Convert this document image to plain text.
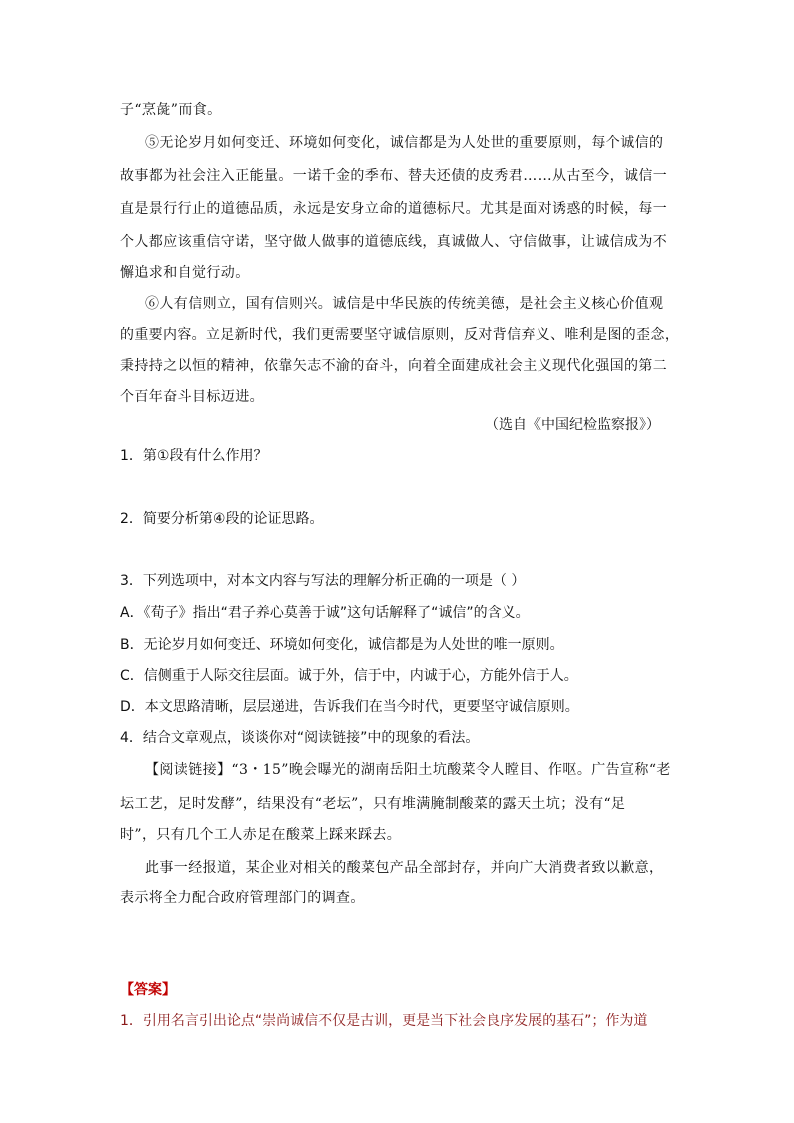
子“烹彘”而食。
⑤无论岁月如何变迁、环境如何变化，诚信都是为人处世的重要原则，每个诚信的
故事都为社会注入正能量。一诺千金的季布、替夫还债的皮秀君……从古至今，诚信一
直是景行行止的道德品质，永远是安身立命的道德标尺。尤其是面对诱惑的时候，每一
个人都应该重信守诺，坚守做人做事的道德底线，真诚做人、守信做事，让诚信成为不
懈追求和自觉行动。
⑥人有信则立，国有信则兴。诚信是中华民族的传统美德，是社会主义核心价值观
的重要内容。立足新时代，我们更需要坚守诚信原则，反对背信弃义、唯利是图的歪念，
秉持持之以恒的精神，依靠矢志不渝的奋斗，向着全面建成社会主义现代化强国的第二
个百年奋斗目标迈进。
（选自《中国纪检监察报》）
1．第①段有什么作用？
2．简要分析第④段的论证思路。
3．下列选项中，对本文内容与写法的理解分析正确的一项是（ ）
A．《荀子》指出“君子养心莫善于诚”这句话解释了“诚信”的含义。
B．无论岁月如何变迁、环境如何变化，诚信都是为人处世的唯一原则。
C．信侧重于人际交往层面。诚于外，信于中，内诚于心，方能外信于人。
D．本文思路清晰，层层递进，告诉我们在当今时代，更要坚守诚信原则。
4．结合文章观点，谈谈你对“阅读链接”中的现象的看法。
【阅读链接】“3・15”晚会曝光的湖南岳阳土坑酸菜令人瞠目、作呕。广告宣称“老
坛工艺，足时发酵”，结果没有“老坛”，只有堆满腌制酸菜的露天土坑；没有“足
时”，只有几个工人赤足在酸菜上踩来踩去。
此事一经报道，某企业对相关的酸菜包产品全部封存，并向广大消费者致以歉意，
表示将全力配合政府管理部门的调查。
【答案】
1．引用名言引出论点“崇尚诚信不仅是古训，更是当下社会良序发展的基石”；作为道
